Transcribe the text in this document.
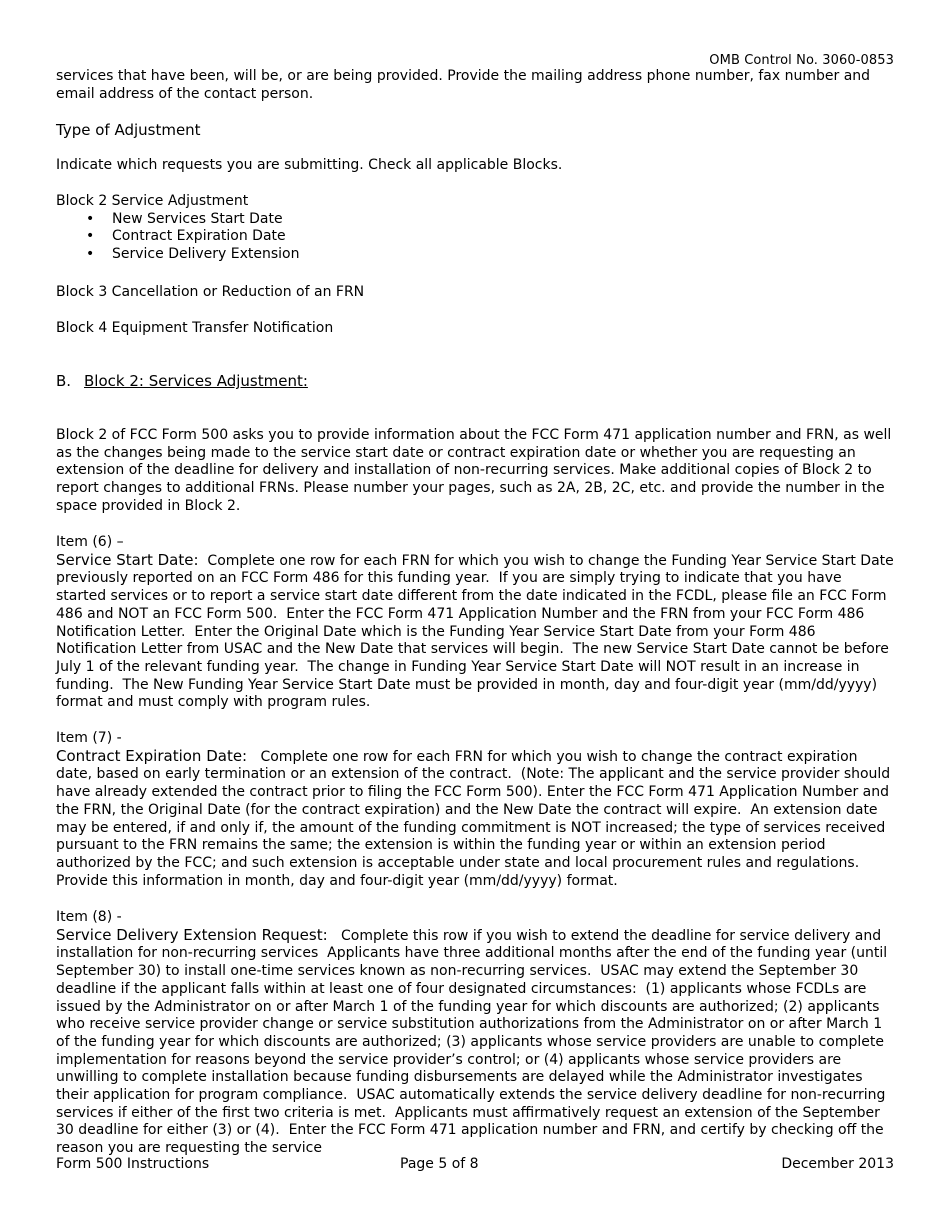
OMB Control No. 3060-0853

services that have been, will be, or are being provided. Provide the mailing address phone number, fax number and email address of the contact person.

Type of Adjustment

Indicate which requests you are submitting. Check all applicable Blocks.

Block 2 Service Adjustment

• New Services Start Date
• Contract Expiration Date
• Service Delivery Extension

Block 3 Cancellation or Reduction of an FRN

Block 4 Equipment Transfer Notification

B. Block 2: Services Adjustment:

Block 2 of FCC Form 500 asks you to provide information about the FCC Form 471 application number and FRN, as well as the changes being made to the service start date or contract expiration date or whether you are requesting an extension of the deadline for delivery and installation of non-recurring services. Make additional copies of Block 2 to report changes to additional FRNs. Please number your pages, such as 2A, 2B, 2C, etc. and provide the number in the space provided in Block 2.

Item (6) –

Service Start Date:  Complete one row for each FRN for which you wish to change the Funding Year Service Start Date previously reported on an FCC Form 486 for this funding year.  If you are simply trying to indicate that you have started services or to report a service start date different from the date indicated in the FCDL, please file an FCC Form 486 and NOT an FCC Form 500.  Enter the FCC Form 471 Application Number and the FRN from your FCC Form 486 Notification Letter.  Enter the Original Date which is the Funding Year Service Start Date from your Form 486 Notification Letter from USAC and the New Date that services will begin.  The new Service Start Date cannot be before July 1 of the relevant funding year.  The change in Funding Year Service Start Date will NOT result in an increase in funding.  The New Funding Year Service Start Date must be provided in month, day and four-digit year (mm/dd/yyyy) format and must comply with program rules.

Item (7) -

Contract Expiration Date:   Complete one row for each FRN for which you wish to change the contract expiration date, based on early termination or an extension of the contract.  (Note: The applicant and the service provider should have already extended the contract prior to filing the FCC Form 500). Enter the FCC Form 471 Application Number and the FRN, the Original Date (for the contract expiration) and the New Date the contract will expire.  An extension date may be entered, if and only if, the amount of the funding commitment is NOT increased; the type of services received pursuant to the FRN remains the same; the extension is within the funding year or within an extension period authorized by the FCC; and such extension is acceptable under state and local procurement rules and regulations.  Provide this information in month, day and four-digit year (mm/dd/yyyy) format.

Item (8) -

Service Delivery Extension Request:   Complete this row if you wish to extend the deadline for service delivery and installation for non-recurring services  Applicants have three additional months after the end of the funding year (until September 30) to install one-time services known as non-recurring services.  USAC may extend the September 30 deadline if the applicant falls within at least one of four designated circumstances:  (1) applicants whose FCDLs are issued by the Administrator on or after March 1 of the funding year for which discounts are authorized; (2) applicants who receive service provider change or service substitution authorizations from the Administrator on or after March 1 of the funding year for which discounts are authorized; (3) applicants whose service providers are unable to complete implementation for reasons beyond the service provider’s control; or (4) applicants whose service providers are unwilling to complete installation because funding disbursements are delayed while the Administrator investigates their application for program compliance.  USAC automatically extends the service delivery deadline for non-recurring services if either of the first two criteria is met.  Applicants must affirmatively request an extension of the September 30 deadline for either (3) or (4).  Enter the FCC Form 471 application number and FRN, and certify by checking off the reason you are requesting the service

Form 500 Instructions	Page 5 of 8	December 2013
